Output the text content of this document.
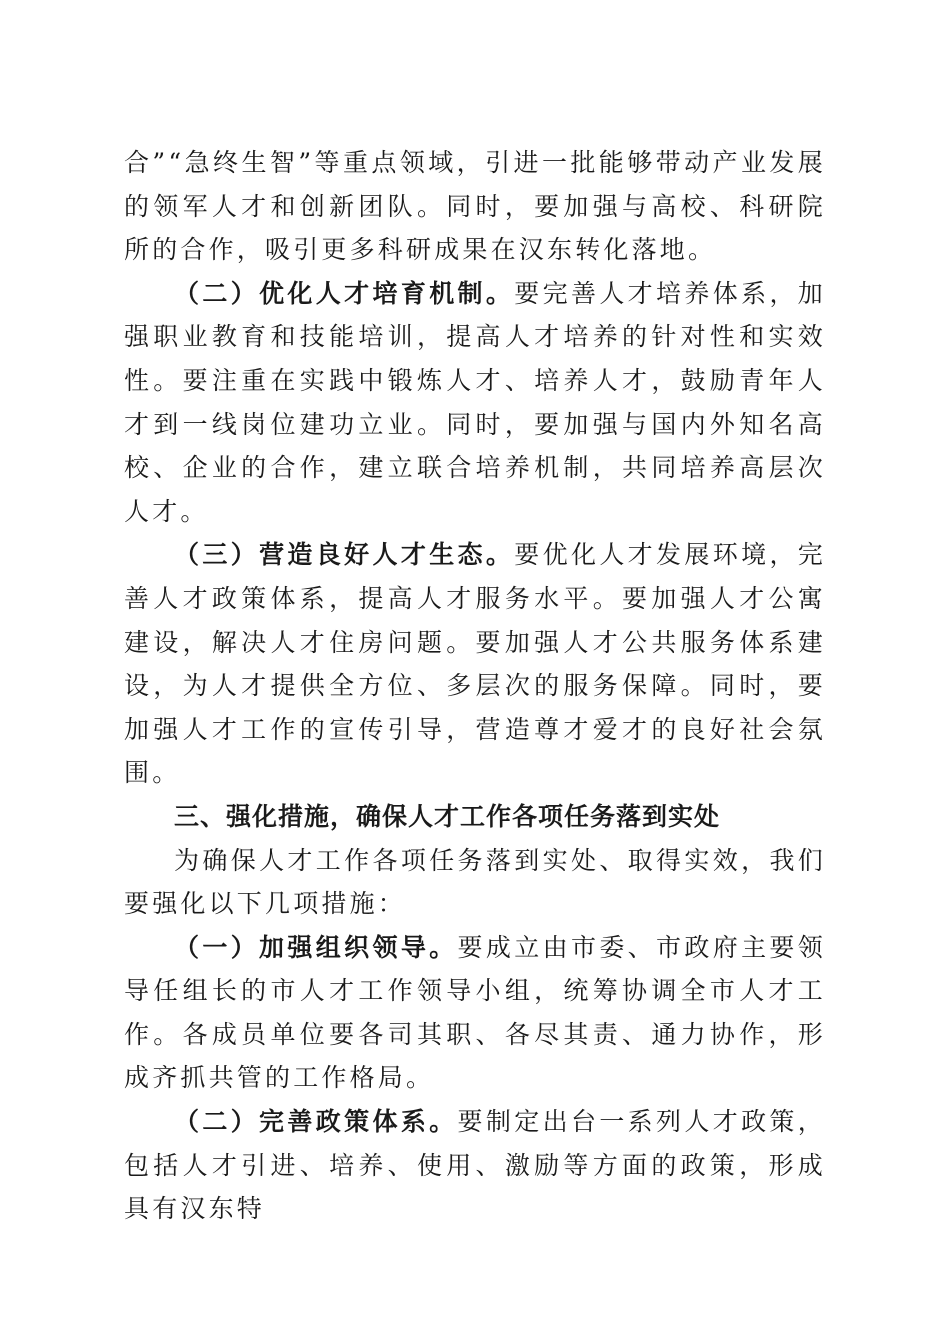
合”“急终生智”等重点领域，引进一批能够带动产业发展的领军人才和创新团队。同时，要加强与高校、科研院所的合作，吸引更多科研成果在汉东转化落地。

（二）优化人才培育机制。要完善人才培养体系，加强职业教育和技能培训，提高人才培养的针对性和实效性。要注重在实践中锻炼人才、培养人才，鼓励青年人才到一线岗位建功立业。同时，要加强与国内外知名高校、企业的合作，建立联合培养机制，共同培养高层次人才。

（三）营造良好人才生态。要优化人才发展环境，完善人才政策体系，提高人才服务水平。要加强人才公寓建设，解决人才住房问题。要加强人才公共服务体系建设，为人才提供全方位、多层次的服务保障。同时，要加强人才工作的宣传引导，营造尊才爱才的良好社会氛围。

三、强化措施，确保人才工作各项任务落到实处

为确保人才工作各项任务落到实处、取得实效，我们要强化以下几项措施：

（一）加强组织领导。要成立由市委、市政府主要领导任组长的市人才工作领导小组，统筹协调全市人才工作。各成员单位要各司其职、各尽其责、通力协作，形成齐抓共管的工作格局。

（二）完善政策体系。要制定出台一系列人才政策，包括人才引进、培养、使用、激励等方面的政策，形成具有汉东特
